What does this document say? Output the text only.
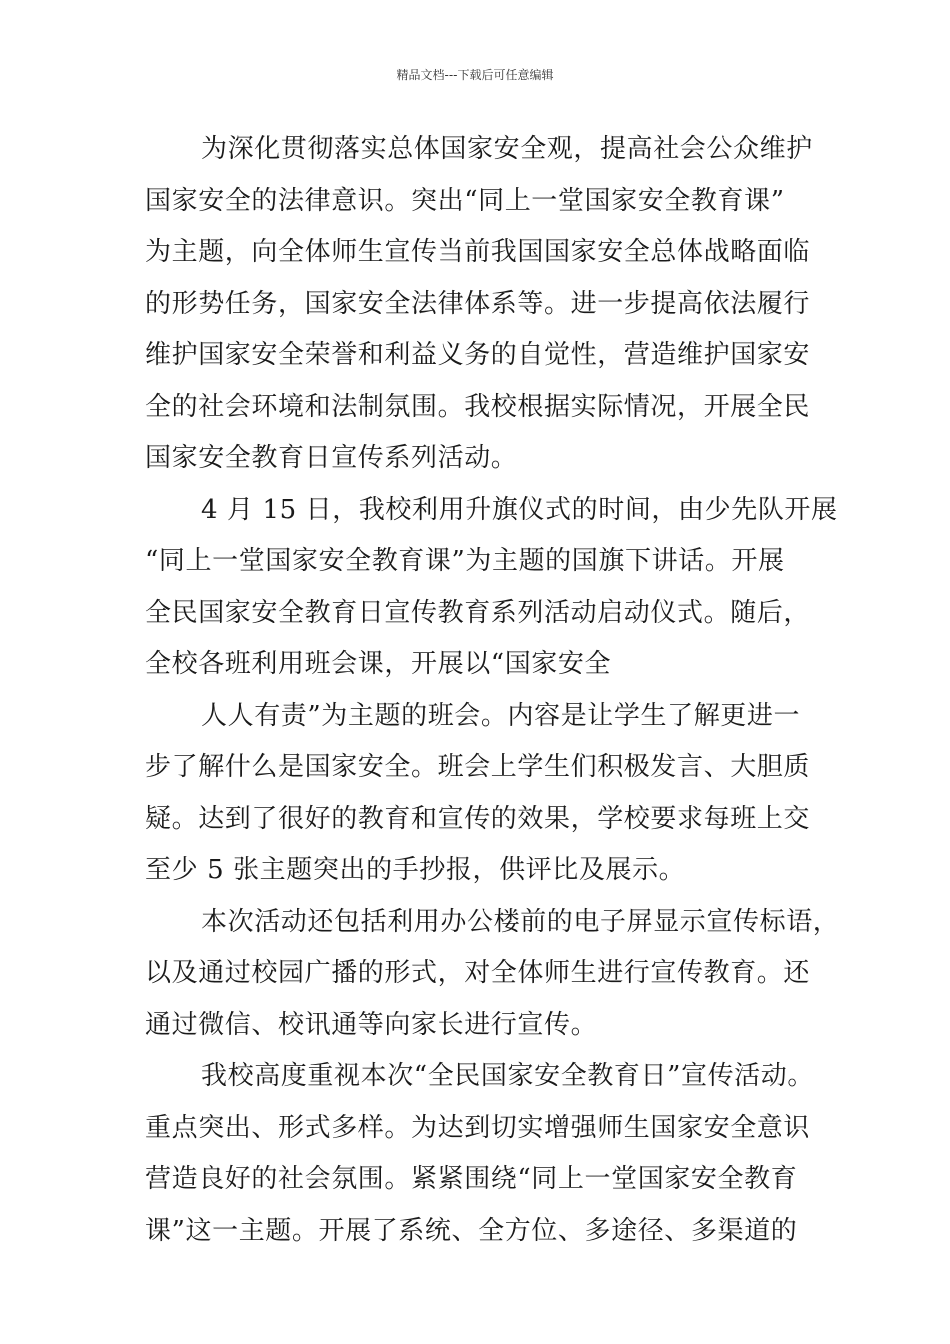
精品文档---下载后可任意编辑
为深化贯彻落实总体国家安全观，提高社会公众维护
国家安全的法律意识。突出“同上一堂国家安全教育课”
为主题，向全体师生宣传当前我国国家安全总体战略面临
的形势任务，国家安全法律体系等。进一步提高依法履行
维护国家安全荣誉和利益义务的自觉性，营造维护国家安
全的社会环境和法制氛围。我校根据实际情况，开展全民
国家安全教育日宣传系列活动。
4 月 15 日，我校利用升旗仪式的时间，由少先队开展
“同上一堂国家安全教育课”为主题的国旗下讲话。开展
全民国家安全教育日宣传教育系列活动启动仪式。随后，
全校各班利用班会课，开展以“国家安全
人人有责”为主题的班会。内容是让学生了解更进一
步了解什么是国家安全。班会上学生们积极发言、大胆质
疑。达到了很好的教育和宣传的效果，学校要求每班上交
至少 5 张主题突出的手抄报，供评比及展示。
本次活动还包括利用办公楼前的电子屏显示宣传标语，
以及通过校园广播的形式，对全体师生进行宣传教育。还
通过微信、校讯通等向家长进行宣传。
我校高度重视本次“全民国家安全教育日”宣传活动。
重点突出、形式多样。为达到切实增强师生国家安全意识
营造良好的社会氛围。紧紧围绕“同上一堂国家安全教育
课”这一主题。开展了系统、全方位、多途径、多渠道的
